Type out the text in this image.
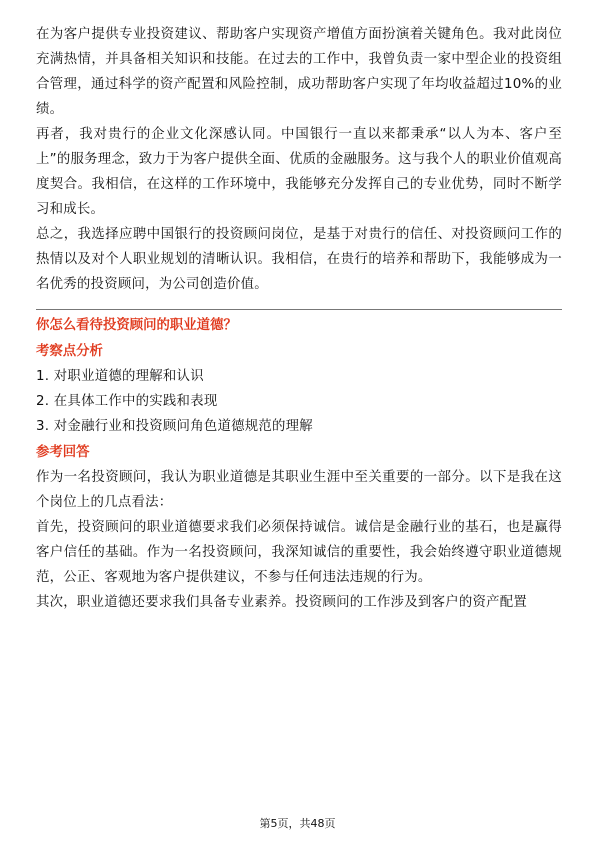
在为客户提供专业投资建议、帮助客户实现资产增值方面扮演着关键角色。我对此岗位充满热情，并具备相关知识和技能。在过去的工作中，我曾负责一家中型企业的投资组合管理，通过科学的资产配置和风险控制，成功帮助客户实现了年均收益超过10%的业绩。

再者，我对贵行的企业文化深感认同。中国银行一直以来都秉承“以人为本、客户至上”的服务理念，致力于为客户提供全面、优质的金融服务。这与我个人的职业价值观高度契合。我相信，在这样的工作环境中，我能够充分发挥自己的专业优势，同时不断学习和成长。

总之，我选择应聘中国银行的投资顾问岗位，是基于对贵行的信任、对投资顾问工作的热情以及对个人职业规划的清晰认识。我相信，在贵行的培养和帮助下，我能够成为一名优秀的投资顾问，为公司创造价值。

你怎么看待投资顾问的职业道德？
考察点分析
1. 对职业道德的理解和认识
2. 在具体工作中的实践和表现
3. 对金融行业和投资顾问角色道德规范的理解
参考回答

作为一名投资顾问，我认为职业道德是其职业生涯中至关重要的一部分。以下是我在这个岗位上的几点看法：

首先，投资顾问的职业道德要求我们必须保持诚信。诚信是金融行业的基石，也是赢得客户信任的基础。作为一名投资顾问，我深知诚信的重要性，我会始终遵守职业道德规范，公正、客观地为客户提供建议，不参与任何违法违规的行为。

其次，职业道德还要求我们具备专业素养。投资顾问的工作涉及到客户的资产配置

第5页，共48页
